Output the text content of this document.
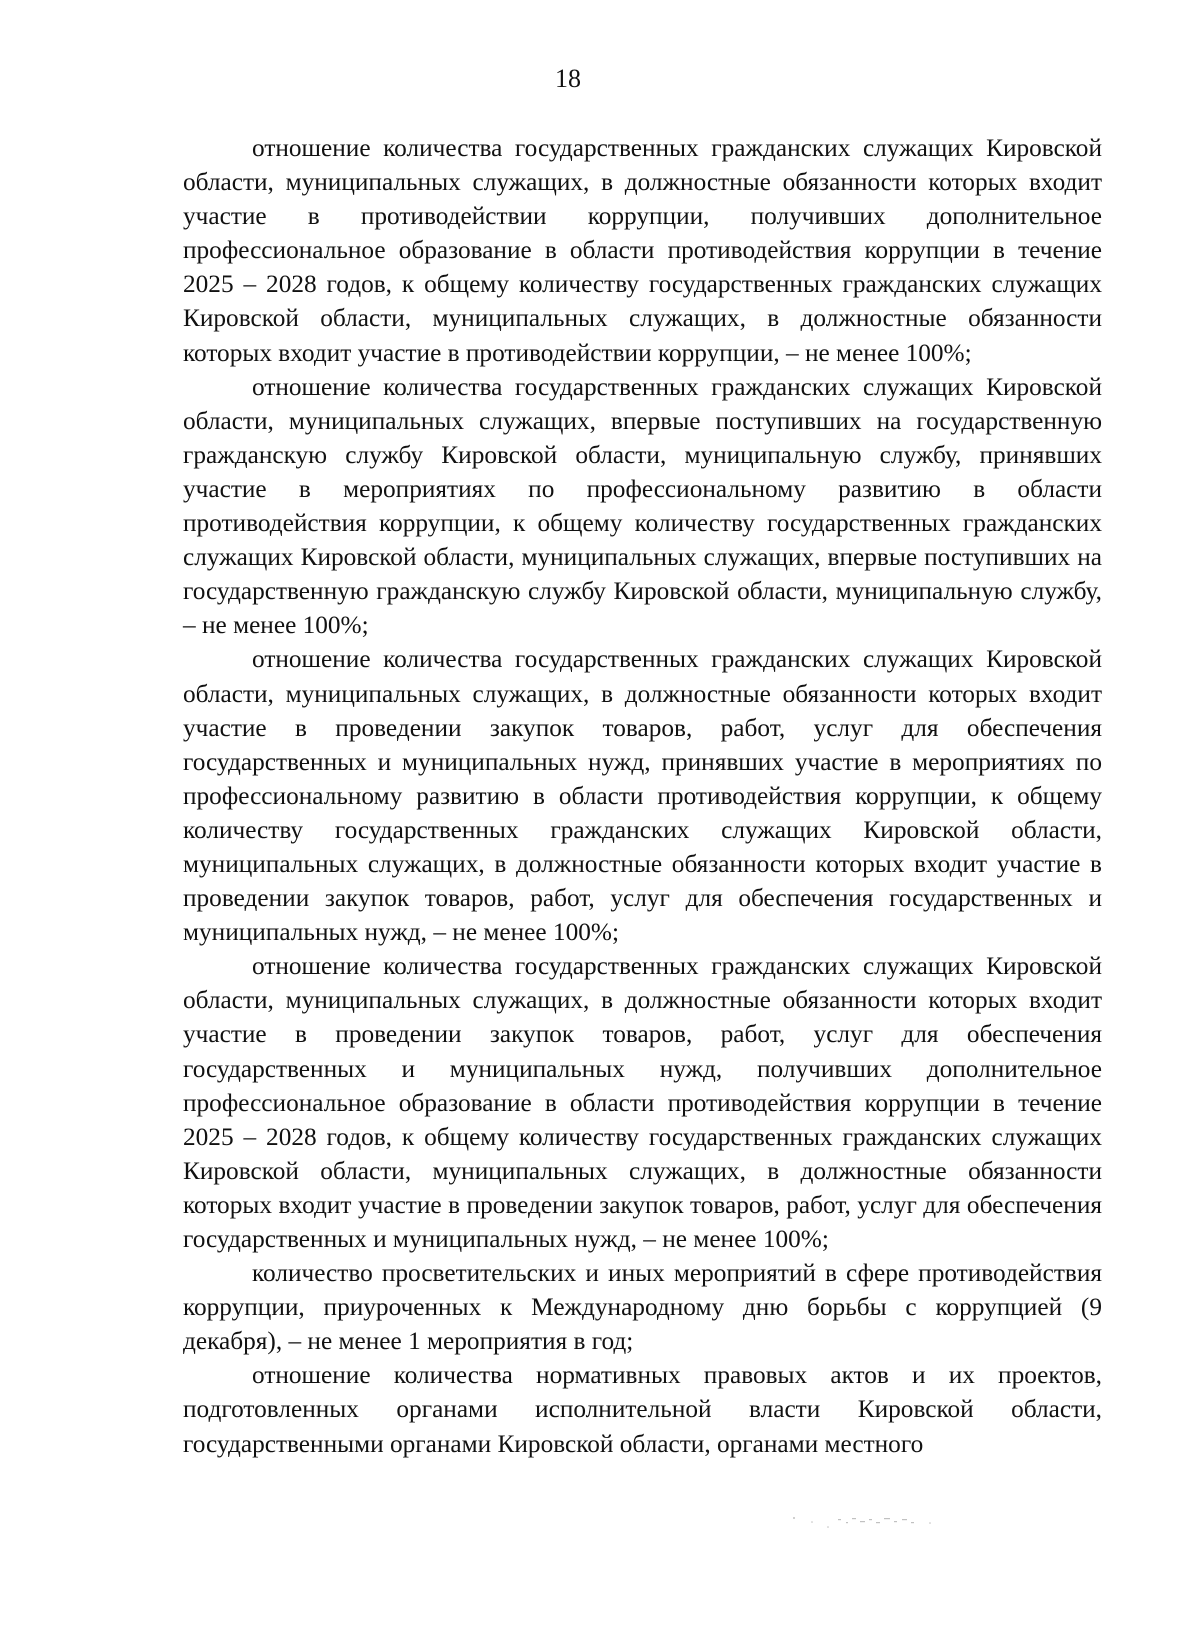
18

отношение количества государственных гражданских служащих Кировской области, муниципальных служащих, в должностные обязанности которых входит участие в противодействии коррупции, получивших дополнительное профессиональное образование в области противодействия коррупции в течение 2025 – 2028 годов, к общему количеству государственных гражданских служащих Кировской области, муниципальных служащих, в должностные обязанности которых входит участие в противодействии коррупции, – не менее 100%;

отношение количества государственных гражданских служащих Кировской области, муниципальных служащих, впервые поступивших на государственную гражданскую службу Кировской области, муниципальную службу, принявших участие в мероприятиях по профессиональному развитию в области противодействия коррупции, к общему количеству государственных гражданских служащих Кировской области, муниципальных служащих, впервые поступивших на государственную гражданскую службу Кировской области, муниципальную службу, – не менее 100%;

отношение количества государственных гражданских служащих Кировской области, муниципальных служащих, в должностные обязанности которых входит участие в проведении закупок товаров, работ, услуг для обеспечения государственных и муниципальных нужд, принявших участие в мероприятиях по профессиональному развитию в области противодействия коррупции, к общему количеству государственных гражданских служащих Кировской области, муниципальных служащих, в должностные обязанности которых входит участие в проведении закупок товаров, работ, услуг для обеспечения государственных и муниципальных нужд, – не менее 100%;

отношение количества государственных гражданских служащих Кировской области, муниципальных служащих, в должностные обязанности которых входит участие в проведении закупок товаров, работ, услуг для обеспечения государственных и муниципальных нужд, получивших дополнительное профессиональное образование в области противодействия коррупции в течение 2025 – 2028 годов, к общему количеству государственных гражданских служащих Кировской области, муниципальных служащих, в должностные обязанности которых входит участие в проведении закупок товаров, работ, услуг для обеспечения государственных и муниципальных нужд, – не менее 100%;

количество просветительских и иных мероприятий в сфере противодействия коррупции, приуроченных к Международному дню борьбы с коррупцией (9 декабря), – не менее 1 мероприятия в год;

отношение количества нормативных правовых актов и их проектов, подготовленных органами исполнительной власти Кировской области, государственными органами Кировской области, органами местного
